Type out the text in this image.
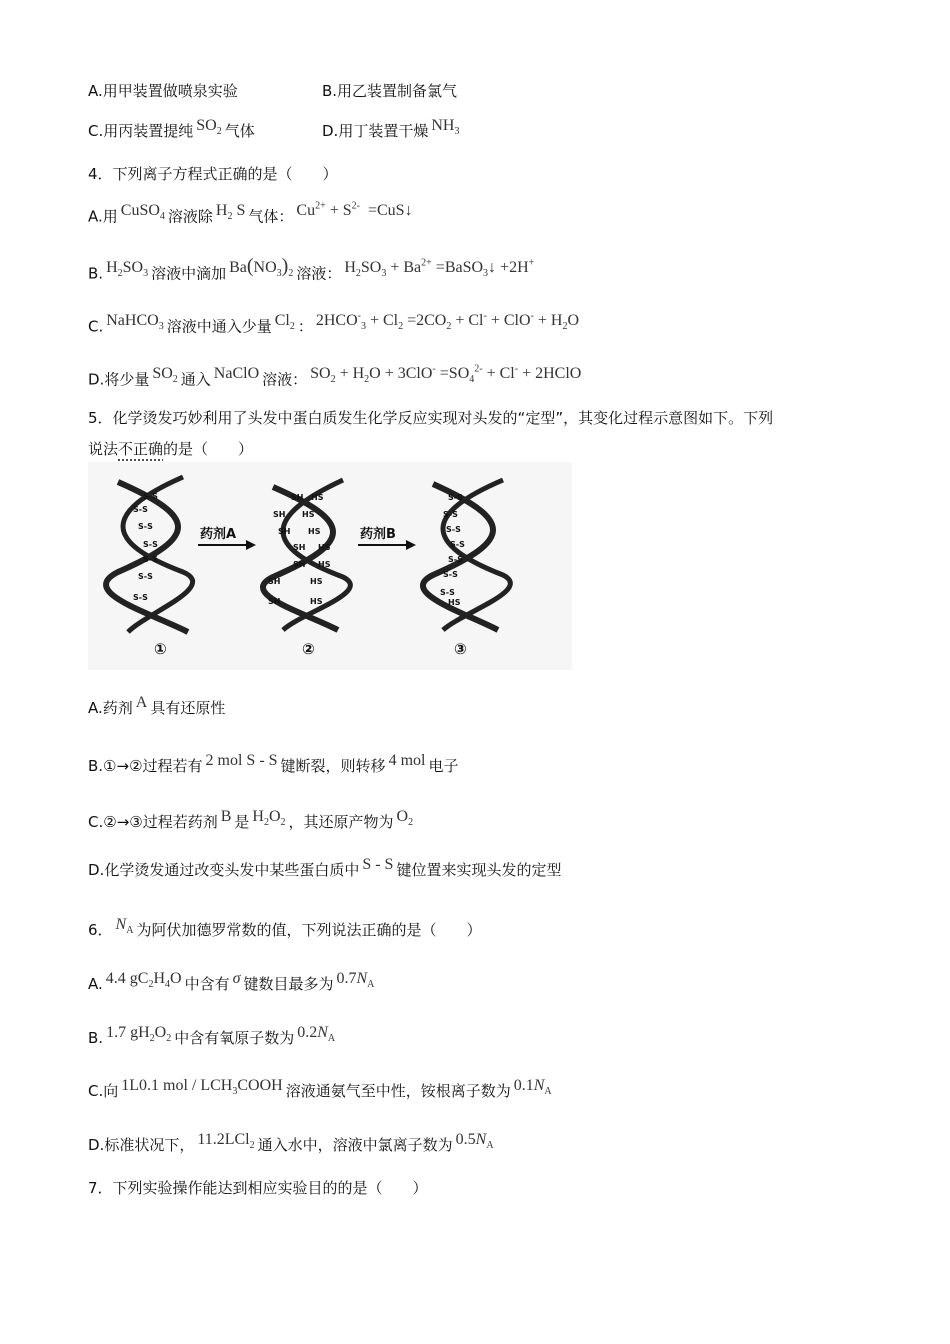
A.用甲装置做喷泉实验	B.用乙装置制备氯气
C.用丙装置提纯 $SO_2$ 气体	D.用丁装置干燥 $NH_3$
4．下列离子方程式正确的是（　　）
A.用 CuSO$_4$ 溶液除 $H_2$ S 气体： $Cu^{2+} + S^{2-}$  =CuS↓
B. $H_2SO_3$ 溶液中滴加 $Ba(NO_3)_2$ 溶液： $H_2SO_3 + Ba^{2+}$ =BaSO$_3$↓ +2H+
C. NaHCO$_3$ 溶液中通入少量 $Cl_2$ ： $2HCO^-_3 + Cl_2 =2CO_2 + Cl^- + ClO^- + H_2O$
D.将少量 $SO_2$ 通入 NaClO 溶液： $SO_2 + H_2O + 3ClO^- =SO_4^{2-} + Cl^-$ + 2HClO
5．化学烫发巧妙利用了头发中蛋白质发生化学反应实现对头发的“定型”，其变化过程示意图如下。下列
说法不正确的是（　　）
S-S
S-S
S-S
S-S
S-S
S-S
S-S
药剂A
SH HS
SH HS
SH HS
SH HS
SH HS
SH	HS
SH	HS
药剂B
S-S
S-S
S-S
S-S
S-S
S-S
S-S
HS
①	②	③
A.药剂 A 具有还原性
B.①→②过程若有 2 mol S - S 键断裂，则转移 4 mol 电子
C.②→③过程若药剂 B 是 $H_2O_2$ ，其还原产物为 $O_2$
D.化学烫发通过改变头发中某些蛋白质中 S - S 键位置来实现头发的定型
6． $N_A$ 为阿伏加德罗常数的值，下列说法正确的是（　　）
A. 4.4 $gC_2H_4O$ 中含有 σ 键数目最多为 $0.7N_A$
B. 1.7 $gH_2O_2$ 中含有氧原子数为 $0.2N_A$
C.向 1L0.1 mol / $LCH_3COOH$ 溶液通氨气至中性，铵根离子数为 $0.1N_A$
D.标准状况下， 11.2LCl$_2$ 通入水中，溶液中氯离子数为 $0.5N_A$
7．下列实验操作能达到相应实验目的的是（　　）
